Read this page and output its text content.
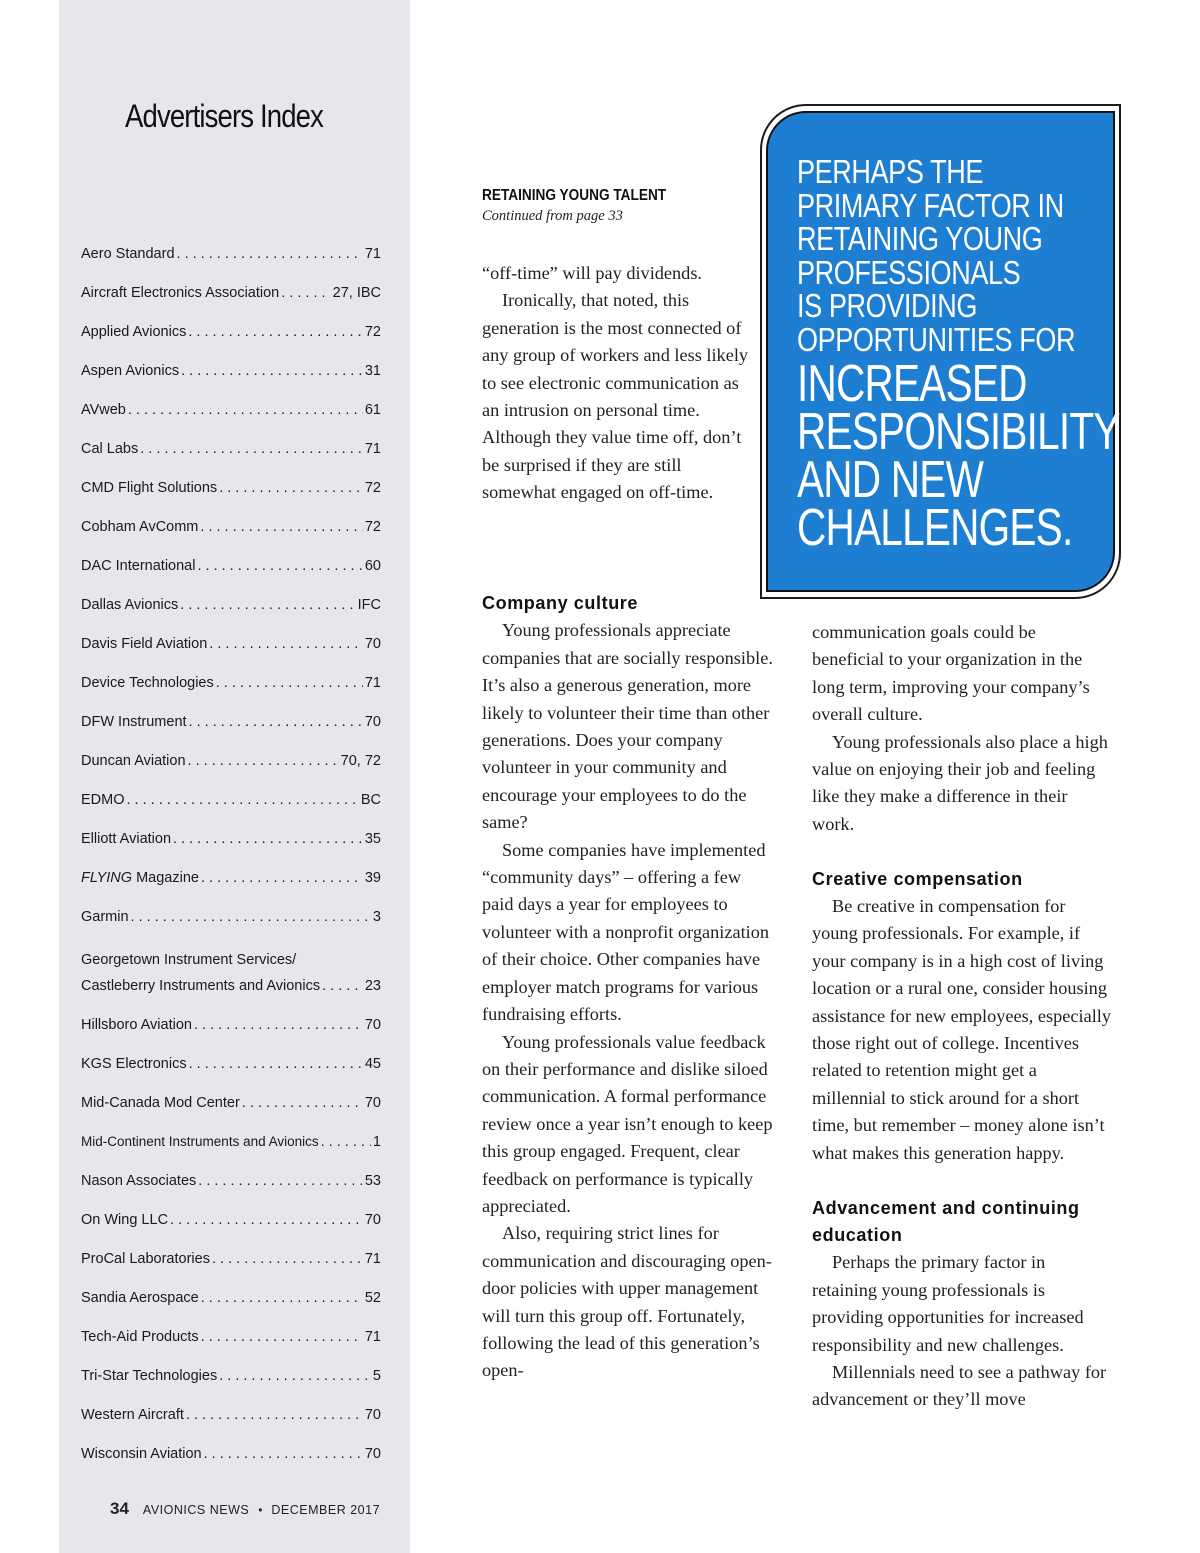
Advertisers Index
Aero Standard . . .	71
Aircraft Electronics Association . . .	27, IBC
Applied Avionics . . .	72
Aspen Avionics . . .	31
AVweb . . .	61
Cal Labs . . .	71
CMD Flight Solutions . . .	72
Cobham AvComm . . .	72
DAC International . . .	60
Dallas Avionics . . .	IFC
Davis Field Aviation . . .	70
Device Technologies . . .	71
DFW Instrument . . .	70
Duncan Aviation . . .	70, 72
EDMO . . .	BC
Elliott Aviation . . .	35
FLYING Magazine . . .	39
Garmin . . .	3
Georgetown Instrument Services/
Castleberry Instruments and Avionics . . .	23
Hillsboro Aviation . . .	70
KGS Electronics . . .	45
Mid-Canada Mod Center . . .	70
Mid-Continent Instruments and Avionics . . .	1
Nason Associates . . .	53
On Wing LLC . . .	70
ProCal Laboratories . . .	71
Sandia Aerospace . . .	52
Tech-Aid Products . . .	71
Tri-Star Technologies . . .	5
Western Aircraft . . .	70
Wisconsin Aviation . . .	70
34 AVIONICS NEWS • DECEMBER 2017
RETAINING YOUNG TALENT
Continued from page 33

“off-time” will pay dividends.

Ironically, that noted, this generation is the most connected of any group of workers and less likely to see electronic communication as an intrusion on personal time. Although they value time off, don’t be surprised if they are still somewhat engaged on off-time.

Company culture

Young professionals appreciate companies that are socially responsible. It’s also a generous generation, more likely to volunteer their time than other generations. Does your company volunteer in your community and encourage your employees to do the same?

Some companies have implemented “community days” – offering a few paid days a year for employees to volunteer with a nonprofit organization of their choice. Other companies have employer match programs for various fundraising efforts.

Young professionals value feedback on their performance and dislike siloed communication. A formal performance review once a year isn’t enough to keep this group engaged. Frequent, clear feedback on performance is typically appreciated.

Also, requiring strict lines for communication and discouraging open-door policies with upper management will turn this group off. Fortunately, following the lead of this generation’s open-

communication goals could be beneficial to your organization in the long term, improving your company’s overall culture.

Young professionals also place a high value on enjoying their job and feeling like they make a difference in their work.

Creative compensation

Be creative in compensation for young professionals. For example, if your company is in a high cost of living location or a rural one, consider housing assistance for new employees, especially those right out of college. Incentives related to retention might get a millennial to stick around for a short time, but remember – money alone isn’t what makes this generation happy.

Advancement and continuing education

Perhaps the primary factor in retaining young professionals is providing opportunities for increased responsibility and new challenges.

Millennials need to see a pathway for advancement or they’ll move

PERHAPS THE
PRIMARY FACTOR IN
RETAINING YOUNG
PROFESSIONALS
IS PROVIDING
OPPORTUNITIES FOR
INCREASED
RESPONSIBILITY
AND NEW
CHALLENGES.
